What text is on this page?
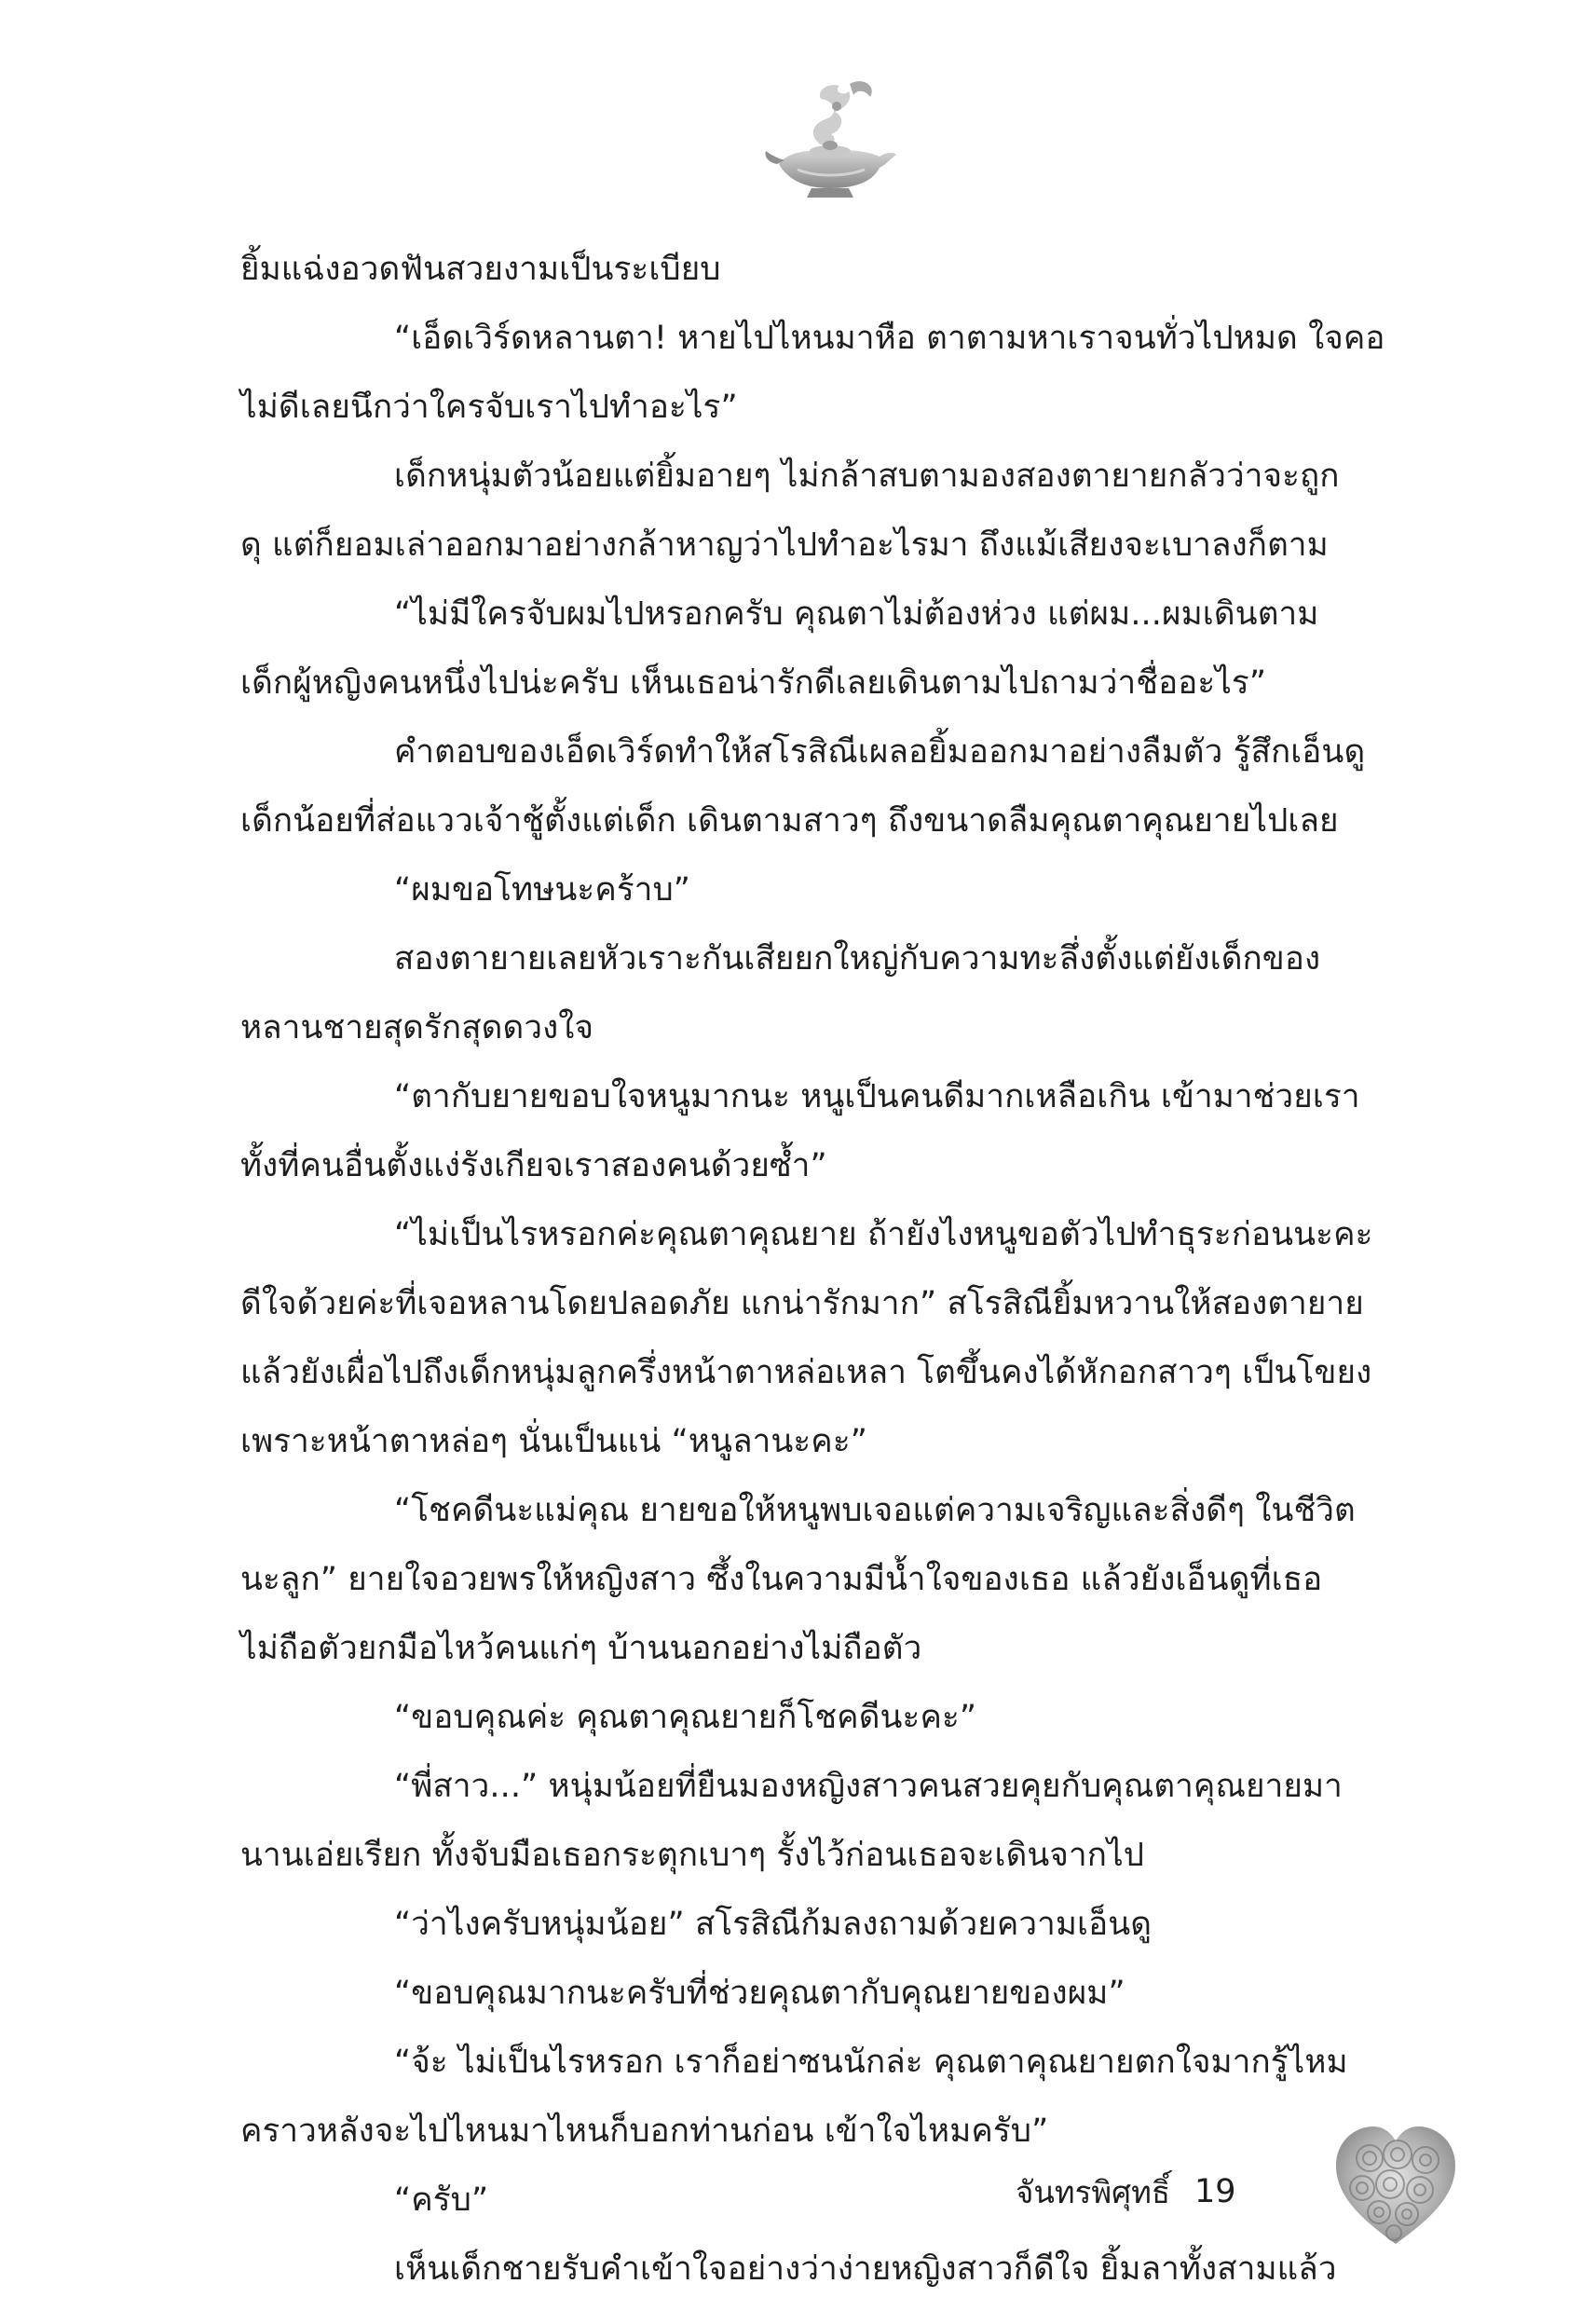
ยิ้มแฉ่งอวดฟันสวยงามเป็นระเบียบ
“เอ็ดเวิร์ดหลานตา! หายไปไหนมาหือ ตาตามหาเราจนทั่วไปหมด ใจคอ
ไม่ดีเลยนึกว่าใครจับเราไปทำอะไร”
เด็กหนุ่มตัวน้อยแต่ยิ้มอายๆ ไม่กล้าสบตามองสองตายายกลัวว่าจะถูก
ดุ แต่ก็ยอมเล่าออกมาอย่างกล้าหาญว่าไปทำอะไรมา ถึงแม้เสียงจะเบาลงก็ตาม
“ไม่มีใครจับผมไปหรอกครับ คุณตาไม่ต้องห่วง แต่ผม...ผมเดินตาม
เด็กผู้หญิงคนหนึ่งไปน่ะครับ เห็นเธอน่ารักดีเลยเดินตามไปถามว่าชื่ออะไร”
คำตอบของเอ็ดเวิร์ดทำให้สโรสิณีเผลอยิ้มออกมาอย่างลืมตัว รู้สึกเอ็นดู
เด็กน้อยที่ส่อแววเจ้าชู้ตั้งแต่เด็ก เดินตามสาวๆ ถึงขนาดลืมคุณตาคุณยายไปเลย
“ผมขอโทษนะคร้าบ”
สองตายายเลยหัวเราะกันเสียยกใหญ่กับความทะลึ่งตั้งแต่ยังเด็กของ
หลานชายสุดรักสุดดวงใจ
“ตากับยายขอบใจหนูมากนะ หนูเป็นคนดีมากเหลือเกิน เข้ามาช่วยเรา
ทั้งที่คนอื่นตั้งแง่รังเกียจเราสองคนด้วยซ้ำ”
“ไม่เป็นไรหรอกค่ะคุณตาคุณยาย ถ้ายังไงหนูขอตัวไปทำธุระก่อนนะคะ
ดีใจด้วยค่ะที่เจอหลานโดยปลอดภัย แกน่ารักมาก” สโรสิณียิ้มหวานให้สองตายาย
แล้วยังเผื่อไปถึงเด็กหนุ่มลูกครึ่งหน้าตาหล่อเหลา โตขึ้นคงได้หักอกสาวๆ เป็นโขยง
เพราะหน้าตาหล่อๆ นั่นเป็นแน่ “หนูลานะคะ”
“โชคดีนะแม่คุณ ยายขอให้หนูพบเจอแต่ความเจริญและสิ่งดีๆ ในชีวิต
นะลูก” ยายใจอวยพรให้หญิงสาว ซึ้งในความมีน้ำใจของเธอ แล้วยังเอ็นดูที่เธอ
ไม่ถือตัวยกมือไหว้คนแก่ๆ บ้านนอกอย่างไม่ถือตัว
“ขอบคุณค่ะ คุณตาคุณยายก็โชคดีนะคะ”
“พี่สาว...” หนุ่มน้อยที่ยืนมองหญิงสาวคนสวยคุยกับคุณตาคุณยายมา
นานเอ่ยเรียก ทั้งจับมือเธอกระตุกเบาๆ รั้งไว้ก่อนเธอจะเดินจากไป
“ว่าไงครับหนุ่มน้อย” สโรสิณีก้มลงถามด้วยความเอ็นดู
“ขอบคุณมากนะครับที่ช่วยคุณตากับคุณยายของผม”
“จ้ะ ไม่เป็นไรหรอก เราก็อย่าซนนักล่ะ คุณตาคุณยายตกใจมากรู้ไหม
คราวหลังจะไปไหนมาไหนก็บอกท่านก่อน เข้าใจไหมครับ”
“ครับ”
เห็นเด็กชายรับคำเข้าใจอย่างว่าง่ายหญิงสาวก็ดีใจ ยิ้มลาทั้งสามแล้ว
จันทรพิศุทธิ์ 19
